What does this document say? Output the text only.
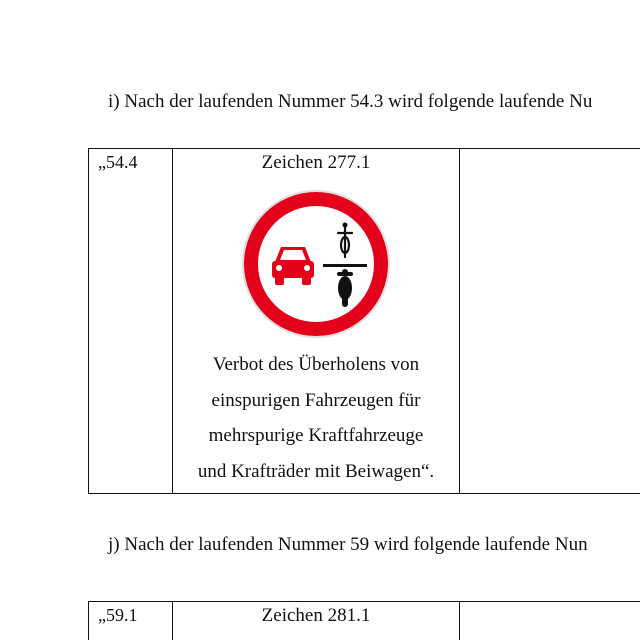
i) Nach der laufenden Nummer 54.3 wird folgende laufende Nu
„54.4	Zeichen 277.1
Verbot des Überholens von
einspurigen Fahrzeugen für
mehrspurige Kraftfahrzeuge
und Krafträder mit Beiwagen“.
j) Nach der laufenden Nummer 59 wird folgende laufende Nun
„59.1	Zeichen 281.1
